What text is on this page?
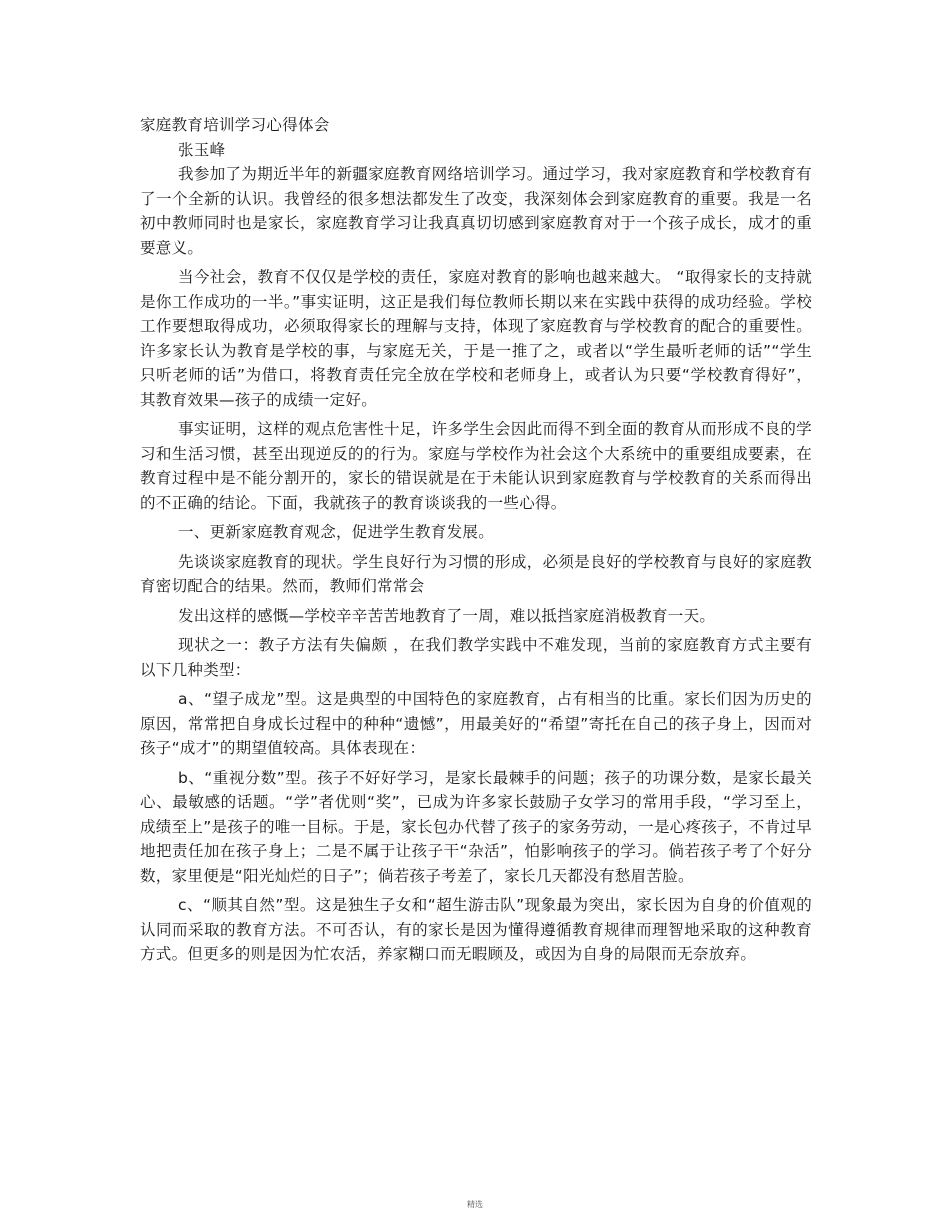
家庭教育培训学习心得体会

张玉峰

我参加了为期近半年的新疆家庭教育网络培训学习。通过学习，我对家庭教育和学校教育有了一个全新的认识。我曾经的很多想法都发生了改变，我深刻体会到家庭教育的重要。我是一名初中教师同时也是家长，家庭教育学习让我真真切切感到家庭教育对于一个孩子成长，成才的重要意义。

当今社会，教育不仅仅是学校的责任，家庭对教育的影响也越来越大。 “取得家长的支持就是你工作成功的一半。”事实证明，这正是我们每位教师长期以来在实践中获得的成功经验。学校工作要想取得成功，必须取得家长的理解与支持，体现了家庭教育与学校教育的配合的重要性。许多家长认为教育是学校的事，与家庭无关，于是一推了之，或者以“学生最听老师的话”“学生只听老师的话”为借口，将教育责任完全放在学校和老师身上，或者认为只要“学校教育得好”，其教育效果—孩子的成绩一定好。

事实证明，这样的观点危害性十足，许多学生会因此而得不到全面的教育从而形成不良的学习和生活习惯，甚至出现逆反的的行为。家庭与学校作为社会这个大系统中的重要组成要素，在教育过程中是不能分割开的，家长的错误就是在于未能认识到家庭教育与学校教育的关系而得出的不正确的结论。下面，我就孩子的教育谈谈我的一些心得。

一、更新家庭教育观念，促进学生教育发展。

先谈谈家庭教育的现状。学生良好行为习惯的形成，必须是良好的学校教育与良好的家庭教育密切配合的结果。然而，教师们常常会

发出这样的感慨—学校辛辛苦苦地教育了一周，难以抵挡家庭消极教育一天。

现状之一：教子方法有失偏颇 ，在我们教学实践中不难发现，当前的家庭教育方式主要有以下几种类型：

a、“望子成龙”型。这是典型的中国特色的家庭教育，占有相当的比重。家长们因为历史的原因，常常把自身成长过程中的种种“遗憾”，用最美好的“希望”寄托在自己的孩子身上，因而对孩子“成才”的期望值较高。具体表现在：

b、“重视分数”型。孩子不好好学习，是家长最棘手的问题；孩子的功课分数，是家长最关心、最敏感的话题。“学”者优则“奖”，已成为许多家长鼓励子女学习的常用手段，“学习至上，成绩至上”是孩子的唯一目标。于是，家长包办代替了孩子的家务劳动，一是心疼孩子，不肯过早地把责任加在孩子身上；二是不属于让孩子干“杂活”，怕影响孩子的学习。倘若孩子考了个好分数，家里便是“阳光灿烂的日子”；倘若孩子考差了，家长几天都没有愁眉苦脸。

c、“顺其自然”型。这是独生子女和“超生游击队”现象最为突出，家长因为自身的价值观的认同而采取的教育方法。不可否认，有的家长是因为懂得遵循教育规律而理智地采取的这种教育方式。但更多的则是因为忙农活，养家糊口而无暇顾及，或因为自身的局限而无奈放弃。

精选
